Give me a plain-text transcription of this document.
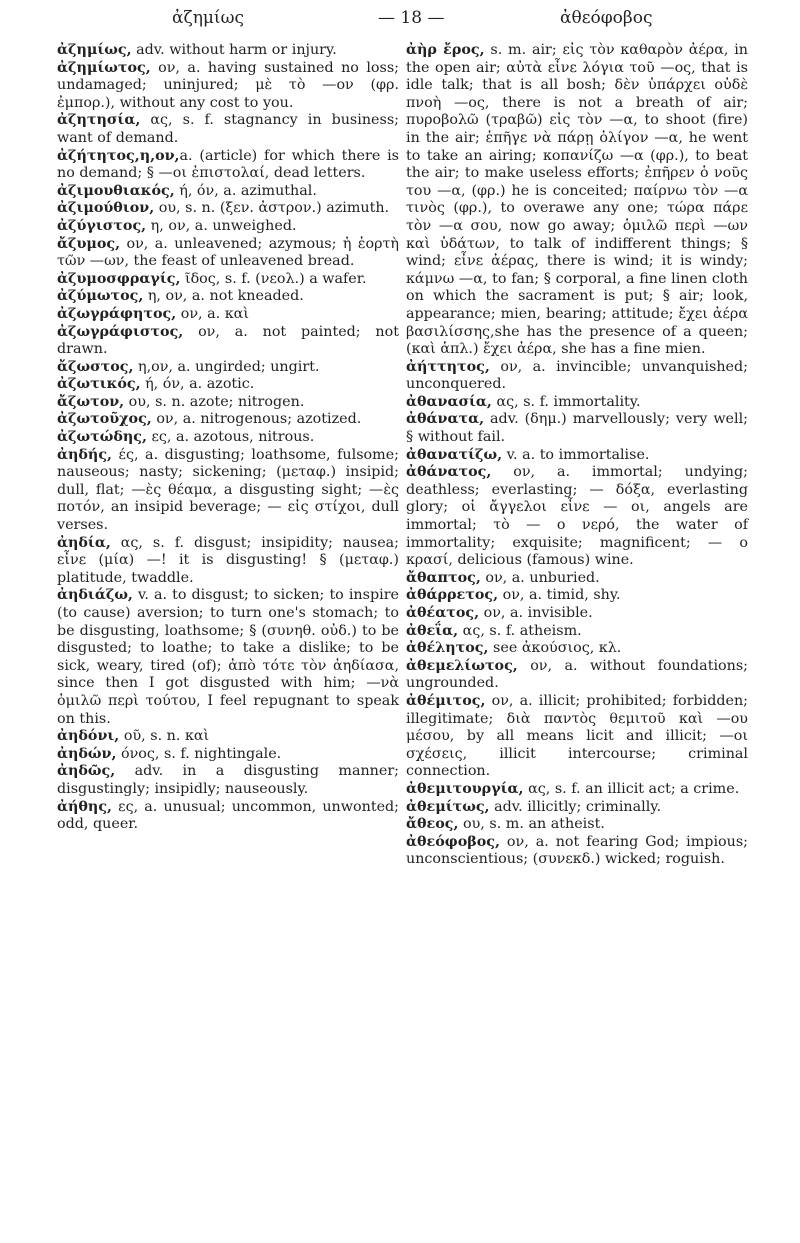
ἀζημίως	— 18 —	ἀθεόφοβος
ἀζημίως, adv. without harm or injury.
ἀζημίωτος, ον, a. having sustained no loss; undamaged; uninjured; μὲ τὸ —ον (φρ. ἐμπορ.), without any cost to you.
ἀζητησία, ας, s. f. stagnancy in business; want of demand.
ἀζήτητος,η,ον,a. (article) for which there is no demand; § —οι ἐπιστολαί, dead letters.
ἀζιμουθιακός, ή, όν, a. azimuthal.
ἀζιμούθιον, ου, s. n. (ξεν. ἀστρον.) azimuth.
ἀζύγιστος, η, ον, a. unweighed.
ἄζυμος, ον, a. unleavened; azymous; ἡ ἑορτὴ τῶν —ων, the feast of unleavened bread.
ἀζυμοσφραγίς, ῖδος, s. f. (νεολ.) a wafer.
ἀζύμωτος, η, ον, a. not kneaded.
ἀζωγράφητος, ον, a. καὶ
ἀζωγράφιστος, ον, a. not painted; not drawn.
ἄζωστος, η,ον, a. ungirded; ungirt.
ἀζωτικός, ή, όν, a. azotic.
ἄζωτον, ου, s. n. azote; nitrogen.
ἀζωτοῦχος, ον, a. nitrogenous; azotized.
ἀζωτώδης, ες, a. azotous, nitrous.
ἀηδής, ές, a. disgusting; loathsome, fulsome; nauseous; nasty; sickening; (μεταφ.) insipid; dull, flat; —ὲς θέαμα, a disgusting sight; —ὲς ποτόν, an insipid beverage; — εἰς στίχοι, dull verses.
ἀηδία, ας, s. f. disgust; insipidity; nausea; εἶνε (μία) —! it is disgusting! § (μεταφ.) platitude, twaddle.
ἀηδιάζω, v. a. to disgust; to sicken; to inspire (to cause) aversion; to turn one's stomach; to be disgusting, loathsome; § (συνηθ. οὐδ.) to be disgusted; to loathe; to take a dislike; to be sick, weary, tired (of); ἀπὸ τότε τὸν ἀηδίασα, since then I got disgusted with him; —νὰ ὁμιλῶ περὶ τούτου, I feel repugnant to speak on this.
ἀηδόνι, οῦ, s. n. καὶ
ἀηδών, όνος, s. f. nightingale.
ἀηδῶς, adv. in a disgusting manner; disgustingly; insipidly; nauseously.
ἀήθης, ες, a. unusual; uncommon, unwonted; odd, queer.
ἀὴρ ἔρος, s. m. air; εἰς τὸν καθαρὸν ἀέρα, in the open air; αὐτὰ εἶνε λόγια τοῦ —ος, that is idle talk; that is all bosh; δὲν ὑπάρχει οὐδὲ πνοὴ —ος, there is not a breath of air; πυροβολῶ (τραβῶ) εἰς τὸν —α, to shoot (fire) in the air; ἐπῆγε νὰ πάρῃ ὀλίγον —α, he went to take an airing; κοπανίζω —α (φρ.), to beat the air; to make useless efforts; ἐπῆρεν ὁ νοῦς του —α, (φρ.) he is conceited; παίρνω τὸν —α τινὸς (φρ.), to overawe any one; τώρα πάρε τὸν —α σου, now go away; ὁμιλῶ περὶ —ων καὶ ὑδάτων, to talk of indifferent things; § wind; εἶνε ἀέρας, there is wind; it is windy; κάμνω —α, to fan; § corporal, a fine linen cloth on which the sacrament is put; § air; look, appearance; mien, bearing; attitude; ἔχει ἀέρα βασιλίσσης,she has the presence of a queen; (καὶ ἁπλ.) ἔχει ἀέρα, she has a fine mien.
ἀήττητος, ον, a. invincible; unvanquished; unconquered.
ἀθανασία, ας, s. f. immortality.
ἀθάνατα, adv. (δημ.) marvellously; very well; § without fail.
ἀθανατίζω, v. a. to immortalise.
ἀθάνατος, ον, a. immortal; undying; deathless; everlasting; — δόξα, everlasting glory; οἱ ἄγγελοι εἶνε — οι, angels are immortal; τὸ — ο νερό, the water of immortality; exquisite; magnificent; — ο κρασί, delicious (famous) wine.
ἄθαπτος, ον, a. unburied.
ἀθάρρετος, ον, a. timid, shy.
ἀθέατος, ον, a. invisible.
ἀθεΐα, ας, s. f. atheism.
ἀθέλητος, see ἀκούσιος, κλ.
ἀθεμελίωτος, ον, a. without foundations; ungrounded.
ἀθέμιτος, ον, a. illicit; prohibited; forbidden; illegitimate; διὰ παντὸς θεμιτοῦ καὶ —ου μέσου, by all means licit and illicit; —οι σχέσεις, illicit intercourse; criminal connection.
ἀθεμιτουργία, ας, s. f. an illicit act; a crime.
ἀθεμίτως, adv. illicitly; criminally.
ἄθεος, ου, s. m. an atheist.
ἀθεόφοβος, ον, a. not fearing God; impious; unconscientious; (συνεκδ.) wicked; roguish.
